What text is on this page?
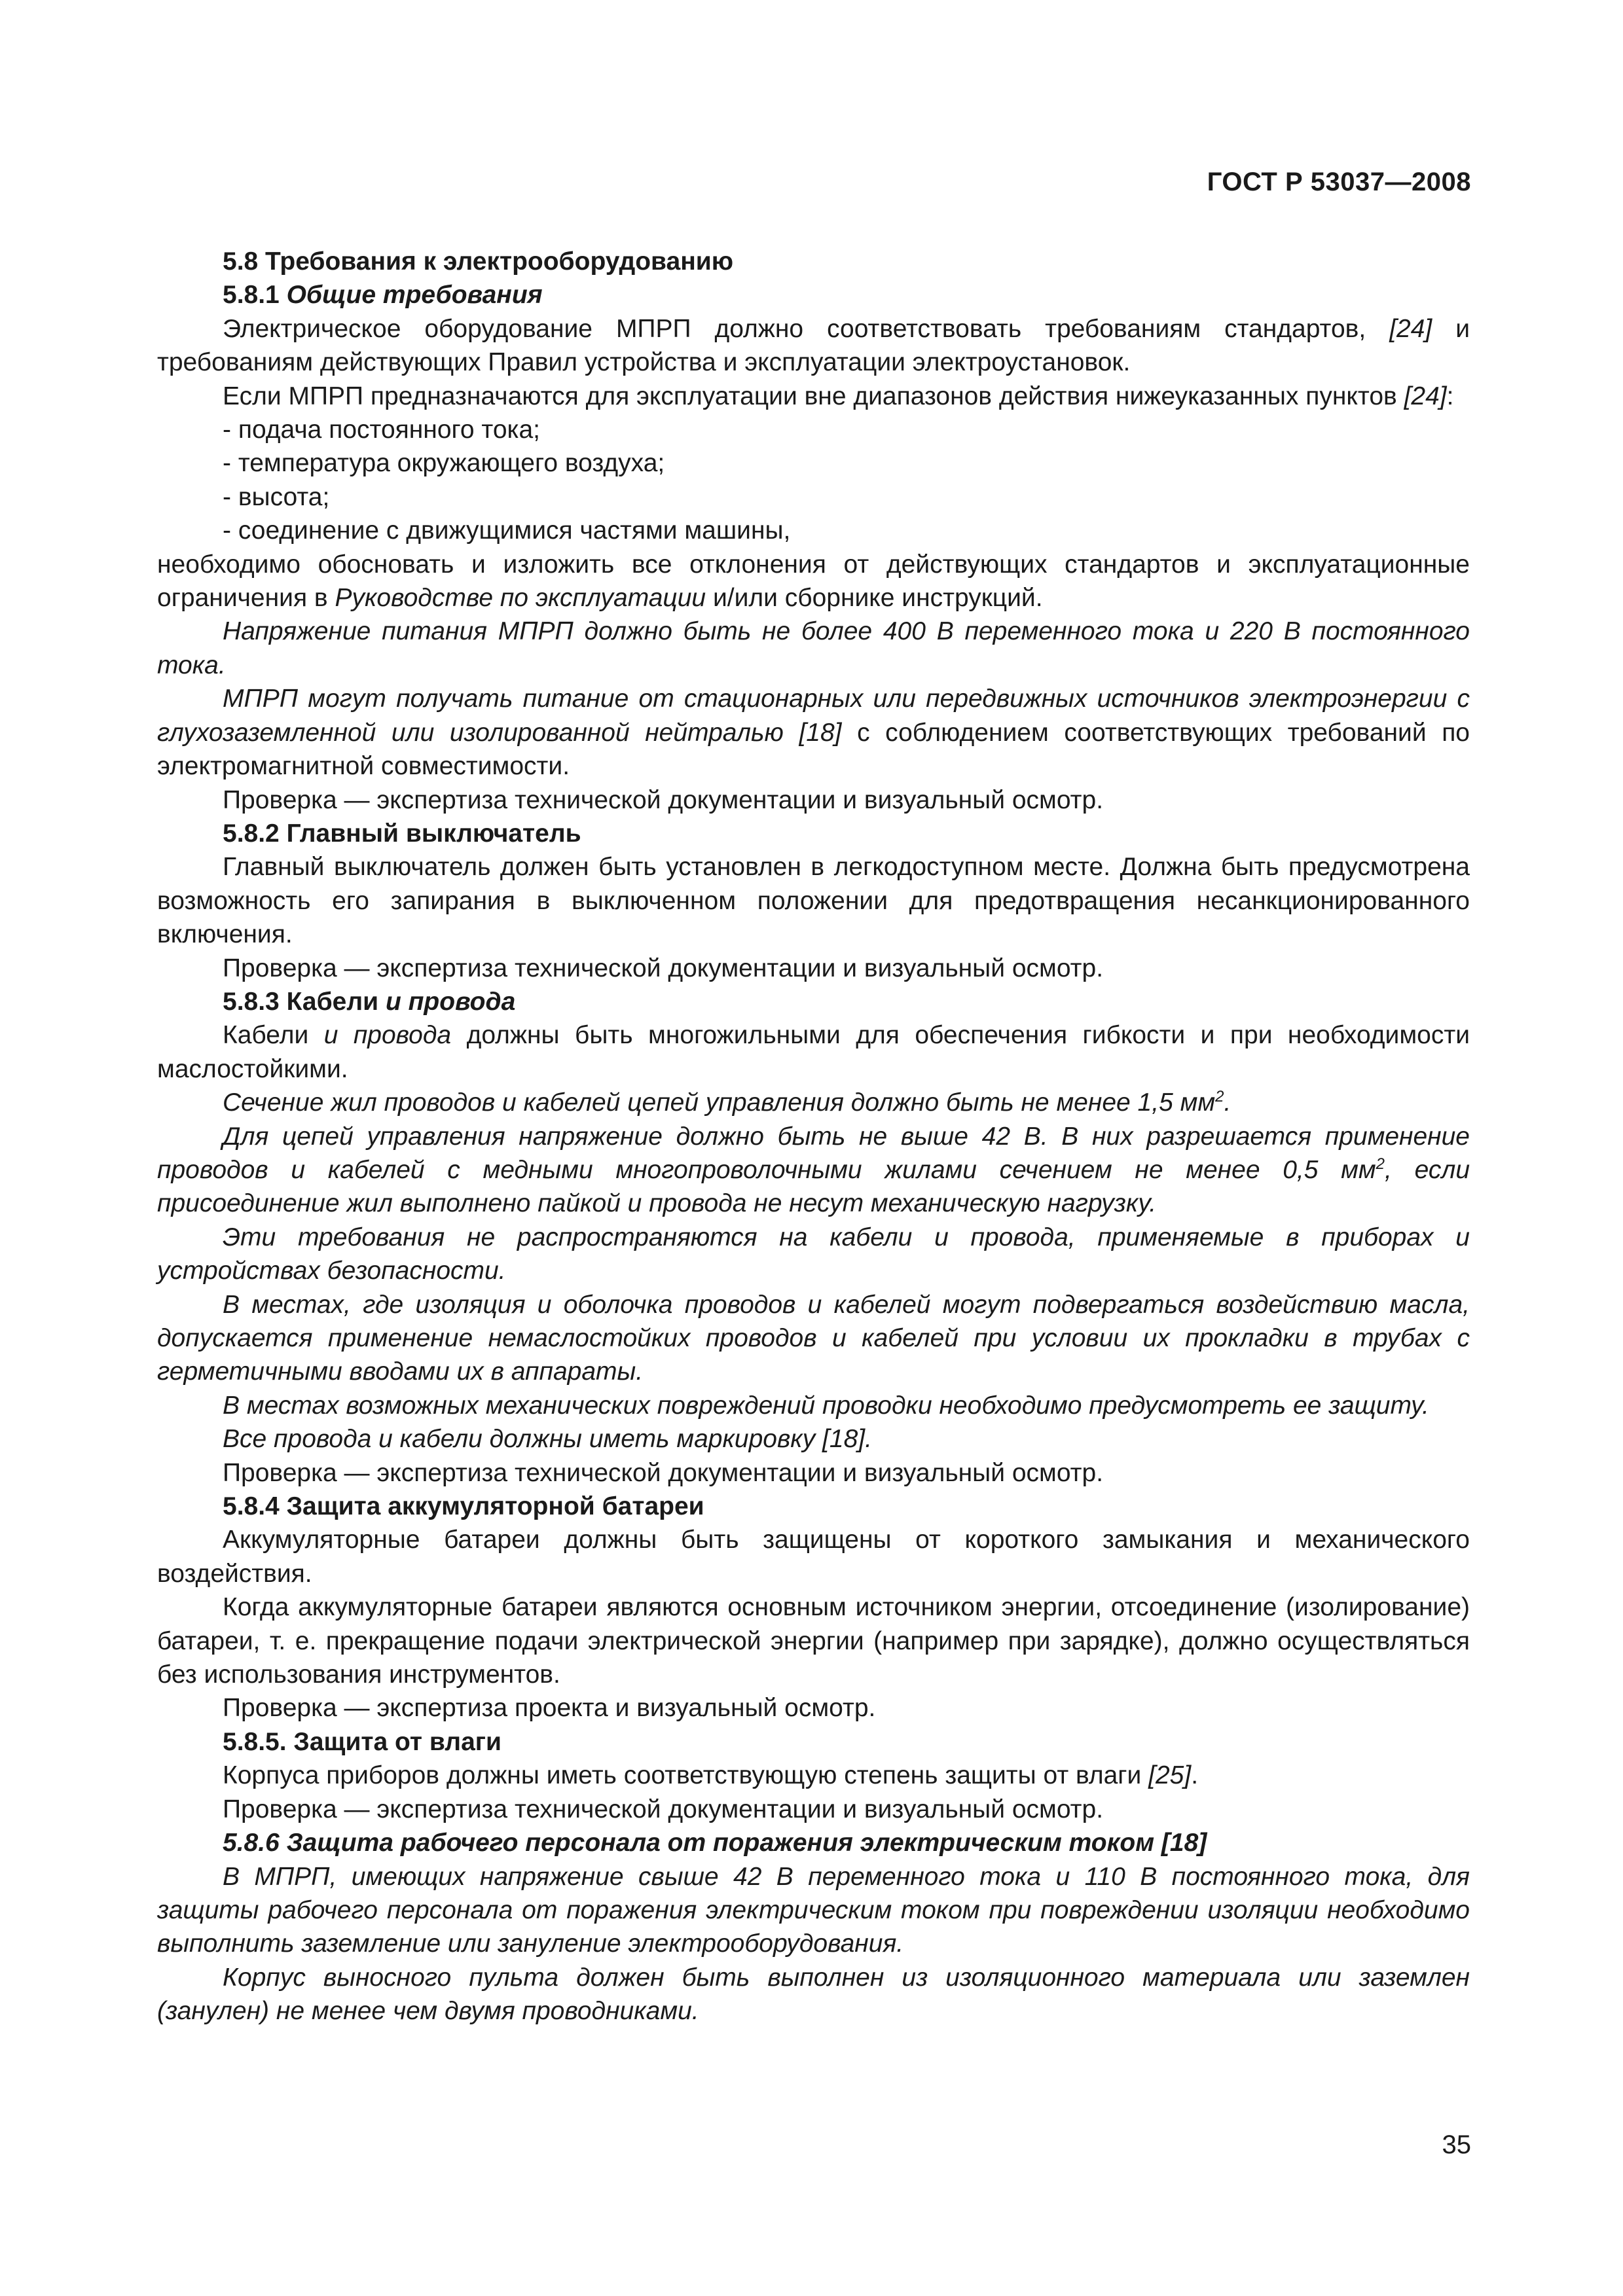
ГОСТ Р 53037—2008
5.8 Требования к электрооборудованию
5.8.1 Общие требования

Электрическое оборудование МПРП должно соответствовать требованиям стандартов, [24] и требованиям действующих Правил устройства и эксплуатации электроустановок.

Если МПРП предназначаются для эксплуатации вне диапазонов действия нижеуказанных пунктов [24]:

- подача постоянного тока;

- температура окружающего воздуха;

- высота;

- соединение с движущимися частями машины,

необходимо обосновать и изложить все отклонения от действующих стандартов и эксплуатационные ограничения в Руководстве по эксплуатации и/или сборнике инструкций.

Напряжение питания МПРП должно быть не более 400 В переменного тока и 220 В постоянного тока.

МПРП могут получать питание от стационарных или передвижных источников электроэнергии с глухозаземленной или изолированной нейтралью [18] с соблюдением соответствующих требований по электромагнитной совместимости.

Проверка — экспертиза технической документации и визуальный осмотр.

5.8.2 Главный выключатель

Главный выключатель должен быть установлен в легкодоступном месте. Должна быть предусмотрена возможность его запирания в выключенном положении для предотвращения несанкционированного включения.

Проверка — экспертиза технической документации и визуальный осмотр.

5.8.3 Кабели и провода

Кабели и провода должны быть многожильными для обеспечения гибкости и при необходимости маслостойкими.

Сечение жил проводов и кабелей цепей управления должно быть не менее 1,5 $мм^2$.

Для цепей управления напряжение должно быть не выше 42 В. В них разрешается применение проводов и кабелей с медными многопроволочными жилами сечением не менее 0,5 $мм^2$, если присоединение жил выполнено пайкой и провода не несут механическую нагрузку.

Эти требования не распространяются на кабели и провода, применяемые в приборах и устройствах безопасности.

В местах, где изоляция и оболочка проводов и кабелей могут подвергаться воздействию масла, допускается применение немаслостойких проводов и кабелей при условии их прокладки в трубах с герметичными вводами их в аппараты.

В местах возможных механических повреждений проводки необходимо предусмотреть ее защиту.

Все провода и кабели должны иметь маркировку [18].

Проверка — экспертиза технической документации и визуальный осмотр.

5.8.4 Защита аккумуляторной батареи

Аккумуляторные батареи должны быть защищены от короткого замыкания и механического воздействия.

Когда аккумуляторные батареи являются основным источником энергии, отсоединение (изолирование) батареи, т. е. прекращение подачи электрической энергии (например при зарядке), должно осуществляться без использования инструментов.

Проверка — экспертиза проекта и визуальный осмотр.

5.8.5. Защита от влаги

Корпуса приборов должны иметь соответствующую степень защиты от влаги [25].

Проверка — экспертиза технической документации и визуальный осмотр.

5.8.6 Защита рабочего персонала от поражения электрическим током [18]

В МПРП, имеющих напряжение свыше 42 В переменного тока и 110 В постоянного тока, для защиты рабочего персонала от поражения электрическим током при повреждении изоляции необходимо выполнить заземление или зануление электрооборудования.

Корпус выносного пульта должен быть выполнен из изоляционного материала или заземлен (занулен) не менее чем двумя проводниками.

35
